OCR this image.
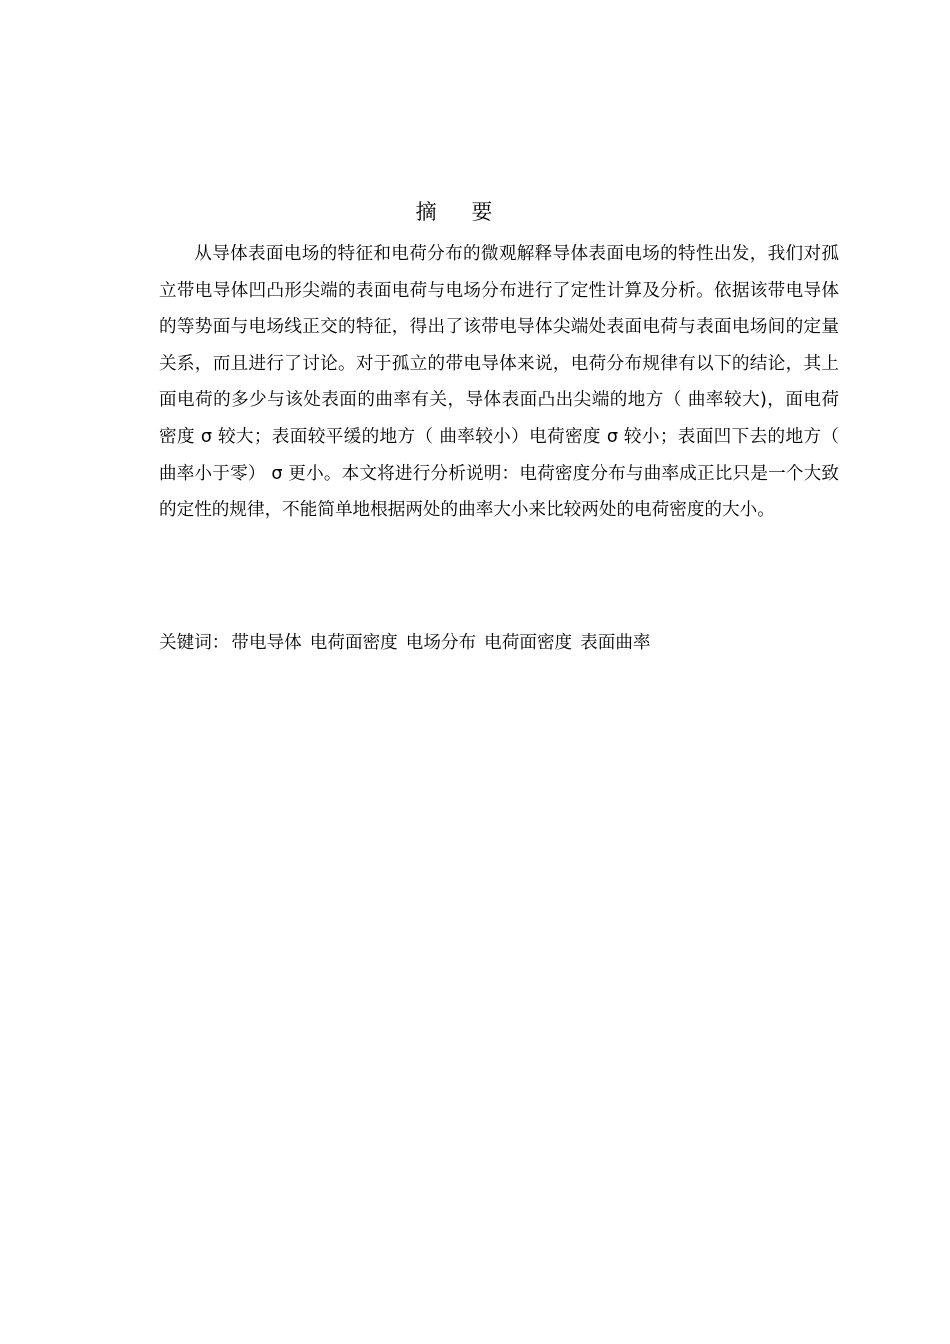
摘 要

从导体表面电场的特征和电荷分布的微观解释导体表面电场的特性出发，我们对孤立带电导体凹凸形尖端的表面电荷与电场分布进行了定性计算及分析。依据该带电导体的等势面与电场线正交的特征，得出了该带电导体尖端处表面电荷与表面电场间的定量关系，而且进行了讨论。对于孤立的带电导体来说，电荷分布规律有以下的结论，其上面电荷的多少与该处表面的曲率有关，导体表面凸出尖端的地方（ 曲率较大)，面电荷密度 σ 较大；表面较平缓的地方（ 曲率较小）电荷密度 σ 较小；表面凹下去的地方（ 曲率小于零） σ 更小。本文将进行分析说明：电荷密度分布与曲率成正比只是一个大致的定性的规律，不能简单地根据两处的曲率大小来比较两处的电荷密度的大小。

关键词： 带电导体 电荷面密度 电场分布 电荷面密度 表面曲率
